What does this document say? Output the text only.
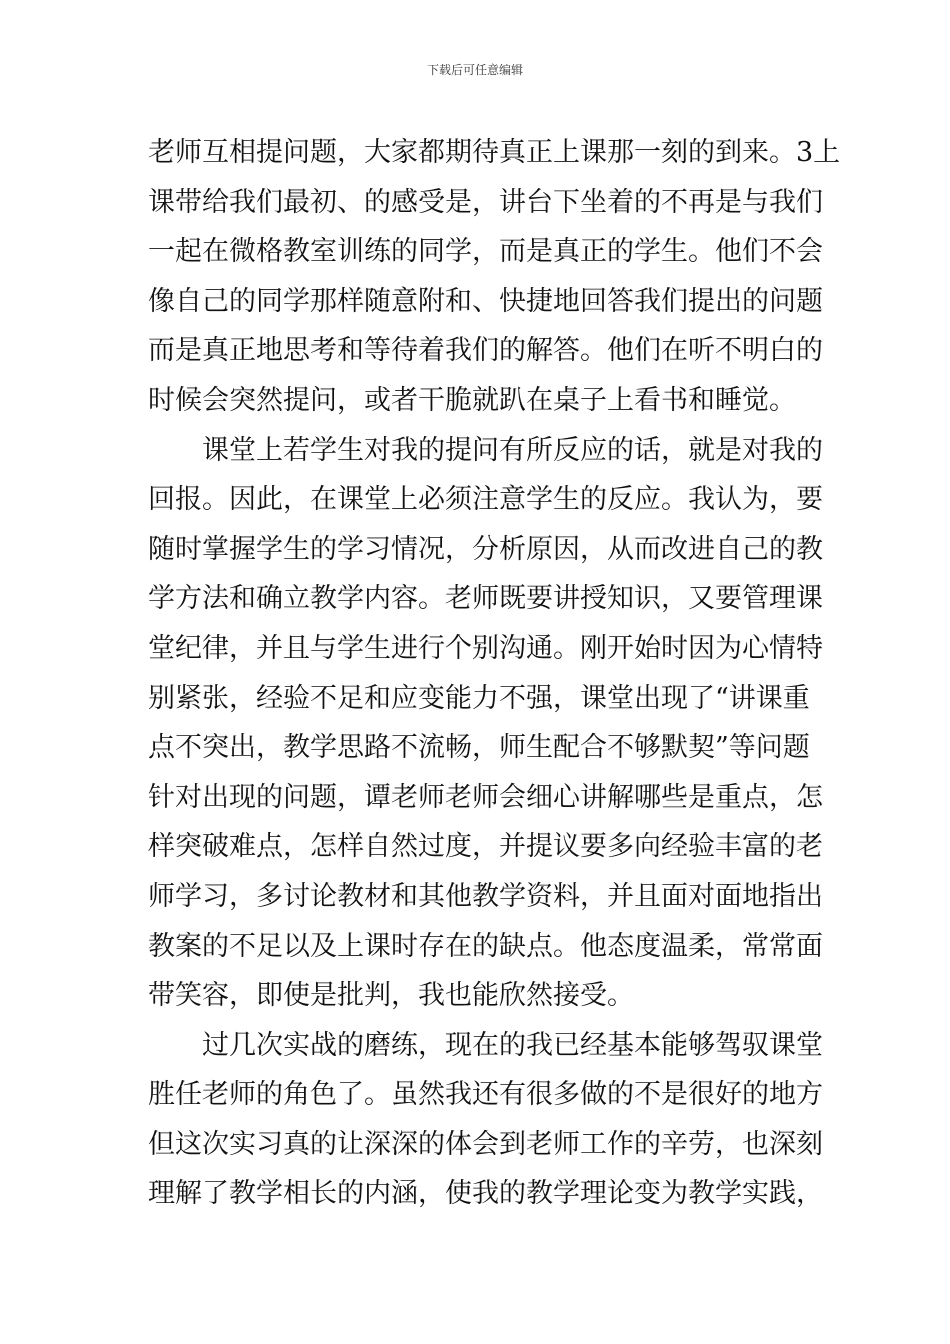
下载后可任意编辑
老师互相提问题，大家都期待真正上课那一刻的到来。3上
课带给我们最初、的感受是，讲台下坐着的不再是与我们
一起在微格教室训练的同学，而是真正的学生。他们不会
像自己的同学那样随意附和、快捷地回答我们提出的问题
而是真正地思考和等待着我们的解答。他们在听不明白的
时候会突然提问，或者干脆就趴在桌子上看书和睡觉。
课堂上若学生对我的提问有所反应的话，就是对我的
回报。因此，在课堂上必须注意学生的反应。我认为，要
随时掌握学生的学习情况，分析原因，从而改进自己的教
学方法和确立教学内容。老师既要讲授知识，又要管理课
堂纪律，并且与学生进行个别沟通。刚开始时因为心情特
别紧张，经验不足和应变能力不强，课堂出现了“讲课重
点不突出，教学思路不流畅，师生配合不够默契”等问题
针对出现的问题，谭老师老师会细心讲解哪些是重点，怎
样突破难点，怎样自然过度，并提议要多向经验丰富的老
师学习，多讨论教材和其他教学资料，并且面对面地指出
教案的不足以及上课时存在的缺点。他态度温柔，常常面
带笑容，即使是批判，我也能欣然接受。
过几次实战的磨练，现在的我已经基本能够驾驭课堂
胜任老师的角色了。虽然我还有很多做的不是很好的地方
但这次实习真的让深深的体会到老师工作的辛劳，也深刻
理解了教学相长的内涵，使我的教学理论变为教学实践，
